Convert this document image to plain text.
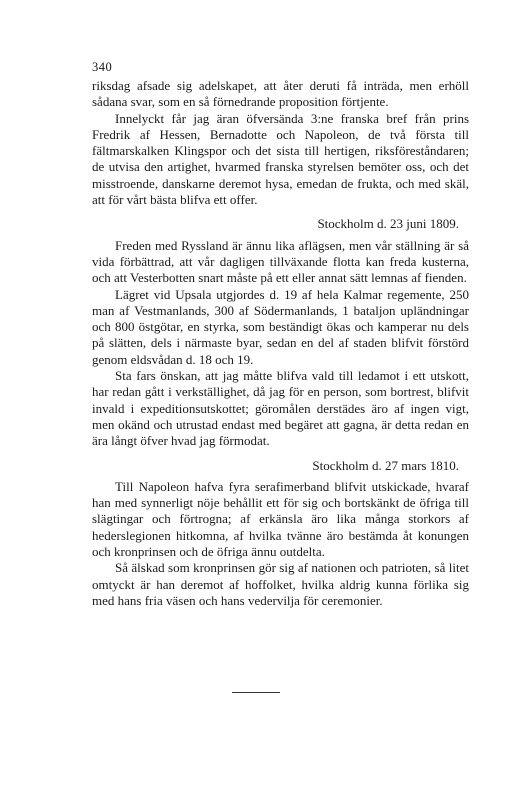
340

riksdag afsade sig adelskapet, att åter deruti få inträda, men erhöll sådana svar, som en så förnedrande proposition förtjente.

Innelyckt får jag äran öfversända 3:ne franska bref från prins Fredrik af Hessen, Bernadotte och Napoleon, de två första till fältmarskalken Klingspor och det sista till hertigen, riksföreståndaren; de utvisa den artighet, hvarmed franska styrelsen bemöter oss, och det misstroende, danskarne deremot hysa, emedan de frukta, och med skäl, att för vårt bästa blifva ett offer.

Stockholm d. 23 juni 1809.

Freden med Ryssland är ännu lika aflägsen, men vår ställning är så vida förbättrad, att vår dagligen tillväxande flotta kan freda kusterna, och att Vesterbotten snart måste på ett eller annat sätt lemnas af fienden.

Lägret vid Upsala utgjordes d. 19 af hela Kalmar regemente, 250 man af Vestmanlands, 300 af Södermanlands, 1 bataljon upländningar och 800 östgötar, en styrka, som beständigt ökas och kamperar nu dels på slätten, dels i närmaste byar, sedan en del af staden blifvit förstörd genom eldsvådan d. 18 och 19.

Sta fars önskan, att jag måtte blifva vald till ledamot i ett utskott, har redan gått i verkställighet, då jag för en person, som bortrest, blifvit invald i expeditionsutskottet; göromålen derstädes äro af ingen vigt, men okänd och utrustad endast med begäret att gagna, är detta redan en ära långt öfver hvad jag förmodat.

Stockholm d. 27 mars 1810.

Till Napoleon hafva fyra serafimerband blifvit utskickade, hvaraf han med synnerligt nöje behållit ett för sig och bortskänkt de öfriga till slägtingar och förtrogna; af erkänsla äro lika många storkors af hederslegionen hitkomna, af hvilka tvänne äro bestämda åt konungen och kronprinsen och de öfriga ännu outdelta.

Så älskad som kronprinsen gör sig af nationen och patrioten, så litet omtyckt är han deremot af hoffolket, hvilka aldrig kunna förlika sig med hans fria väsen och hans vedervilja för ceremonier.
